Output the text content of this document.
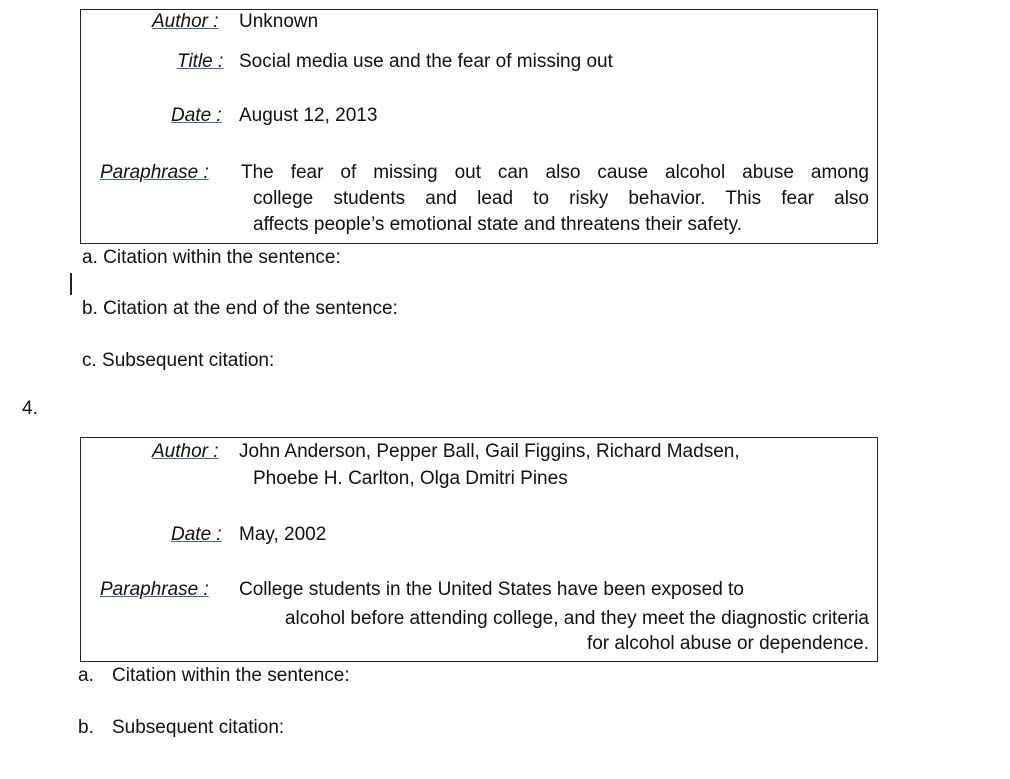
Author : Unknown
Title : Social media use and the fear of missing out
Date : August 12, 2013
Paraphrase : The fear of missing out can also cause alcohol abuse among
college students and lead to risky behavior. This fear also
affects people’s emotional state and threatens their safety.
a. Citation within the sentence:
b. Citation at the end of the sentence:
c. Subsequent citation:
4.
Author : John Anderson, Pepper Ball, Gail Figgins, Richard Madsen,
Phoebe H. Carlton, Olga Dmitri Pines
Date : May, 2002
Paraphrase : College students in the United States have been exposed to
alcohol before attending college, and they meet the diagnostic criteria
for alcohol abuse or dependence.
a. Citation within the sentence:
b. Subsequent citation:
